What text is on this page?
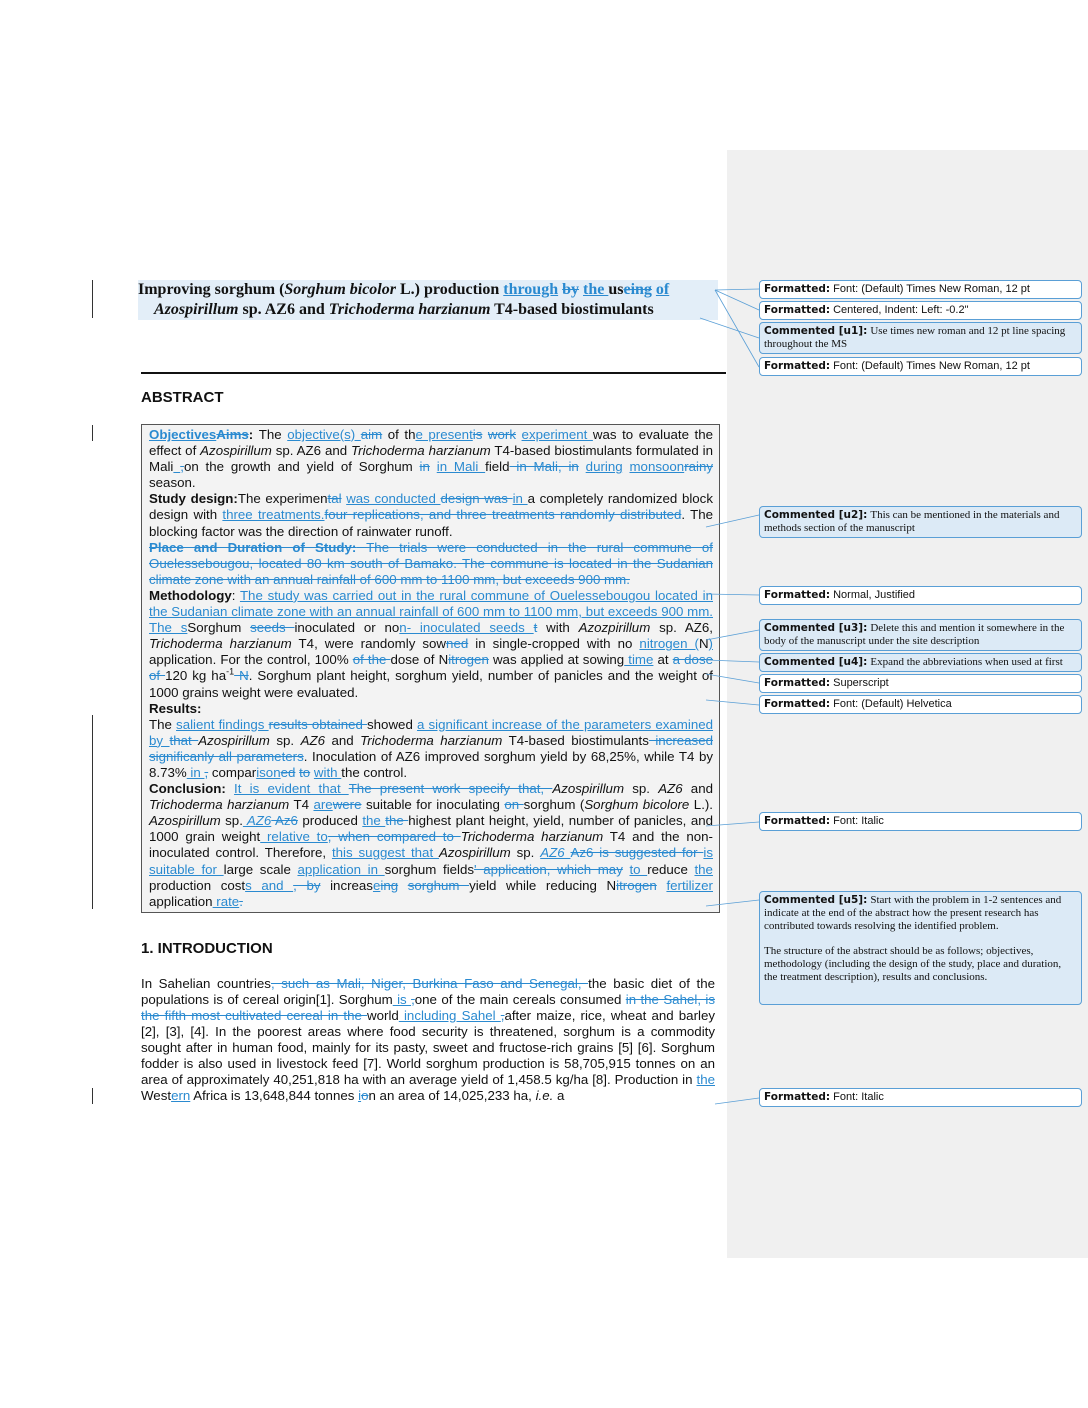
Improving sorghum (Sorghum bicolor L.) production through by the useing of
Azospirillum sp. AZ6 and Trichoderma harzianum T4-based biostimulants
ABSTRACT

ObjectivesAims: The objective(s) aim of the presentis work experiment was to evaluate the effect of Azospirillum sp. AZ6 and Trichoderma harzianum T4-based biostimulants formulated in Mali ,on the growth and yield of Sorghum in in Mali field in Mali, in during monsoonrainy season.

Study design:The experimental was conducted design was in a completely randomized block design with three treatments.four replications, and three treatments randomly distributed. The blocking factor was the direction of rainwater runoff.

Place and Duration of Study: The trials were conducted in the rural commune of Ouelessebougou, located 80 km south of Bamako. The commune is located in the Sudanian climate zone with an annual rainfall of 600 mm to 1100 mm, but exceeds 900 mm.

Methodology: The study was carried out in the rural commune of Ouelessebougou located in the Sudanian climate zone with an annual rainfall of 600 mm to 1100 mm, but exceeds 900 mm. The sSorghum seeds inoculated or non- inoculated seeds t with Azozpirillum sp. AZ6, Trichoderma harzianum T4, were randomly sowned in single-cropped with no nitrogen (N) application. For the control, 100% of the dose of Nitrogen was applied at sowing time at a dose of 120 kg $ha^{-1}$ N. Sorghum plant height, sorghum yield, number of panicles and the weight of 1000 grains weight were evaluated.

Results:

The salient findings results obtained showed a significant increase of the parameters examined by that Azospirillum sp. AZ6 and Trichoderma harzianum T4-based biostimulants increased significanly all parameters. Inoculation of AZ6 improved sorghum yield by 68,25%, while T4 by 8.73% in , comparisoned to with the control.

Conclusion: It is evident that The present work specify that, Azospirillum sp. AZ6 and Trichoderma harzianum T4 arewere suitable for inoculating on sorghum (Sorghum bicolore L.). Azospirillum sp. AZ6 Az6 produced the the highest plant height, yield, number of panicles, and 1000 grain weight relative to, when compared to Trichoderma harzianum T4 and the non-inoculated control. Therefore, this suggest that Azospirillum sp. AZ6 Az6 is suggested for is suitable for large scale application in sorghum fields' application, which may to reduce the production costs and , by increaseing sorghum yield while reducing Nitrogen fertilizer application rate.

1. INTRODUCTION

In Sahelian countries, such as Mali, Niger, Burkina Faso and Senegal, the basic diet of the populations is of cereal origin[1]. Sorghum is ,one of the main cereals consumed in the Sahel, is the fifth most cultivated cereal in the world including Sahel ,after maize, rice, wheat and barley [2], [3], [4]. In the poorest areas where food security is threatened, sorghum is a commodity sought after in human food, mainly for its pasty, sweet and fructose-rich grains [5] [6]. Sorghum fodder is also used in livestock feed [7]. World sorghum production is 58,705,915 tonnes on an area of approximately 40,251,818 ha with an average yield of 1,458.5 kg/ha [8]. Production in the Western Africa is 13,648,844 tonnes ion an area of 14,025,233 ha, i.e. a

Formatted: Font: (Default) Times New Roman, 12 pt
Formatted: Centered, Indent: Left: -0.2"
Commented [u1]: Use times new roman and 12 pt line spacing throughout the MS
Formatted: Font: (Default) Times New Roman, 12 pt
Commented [u2]: This can be mentioned in the materials and methods section of the manuscript
Formatted: Normal, Justified
Commented [u3]: Delete this and mention it somewhere in the body of the manuscript under the site description
Commented [u4]: Expand the abbreviations when used at first
Formatted: Superscript
Formatted: Font: (Default) Helvetica
Formatted: Font: Italic
Commented [u5]: Start with the problem in 1-2 sentences and indicate at the end of the abstract how the present research has contributed towards resolving the identified problem.
The structure of the abstract should be as follows; objectives, methodology (including the design of the study, place and duration, the treatment description), results and conclusions.
Formatted: Font: Italic
